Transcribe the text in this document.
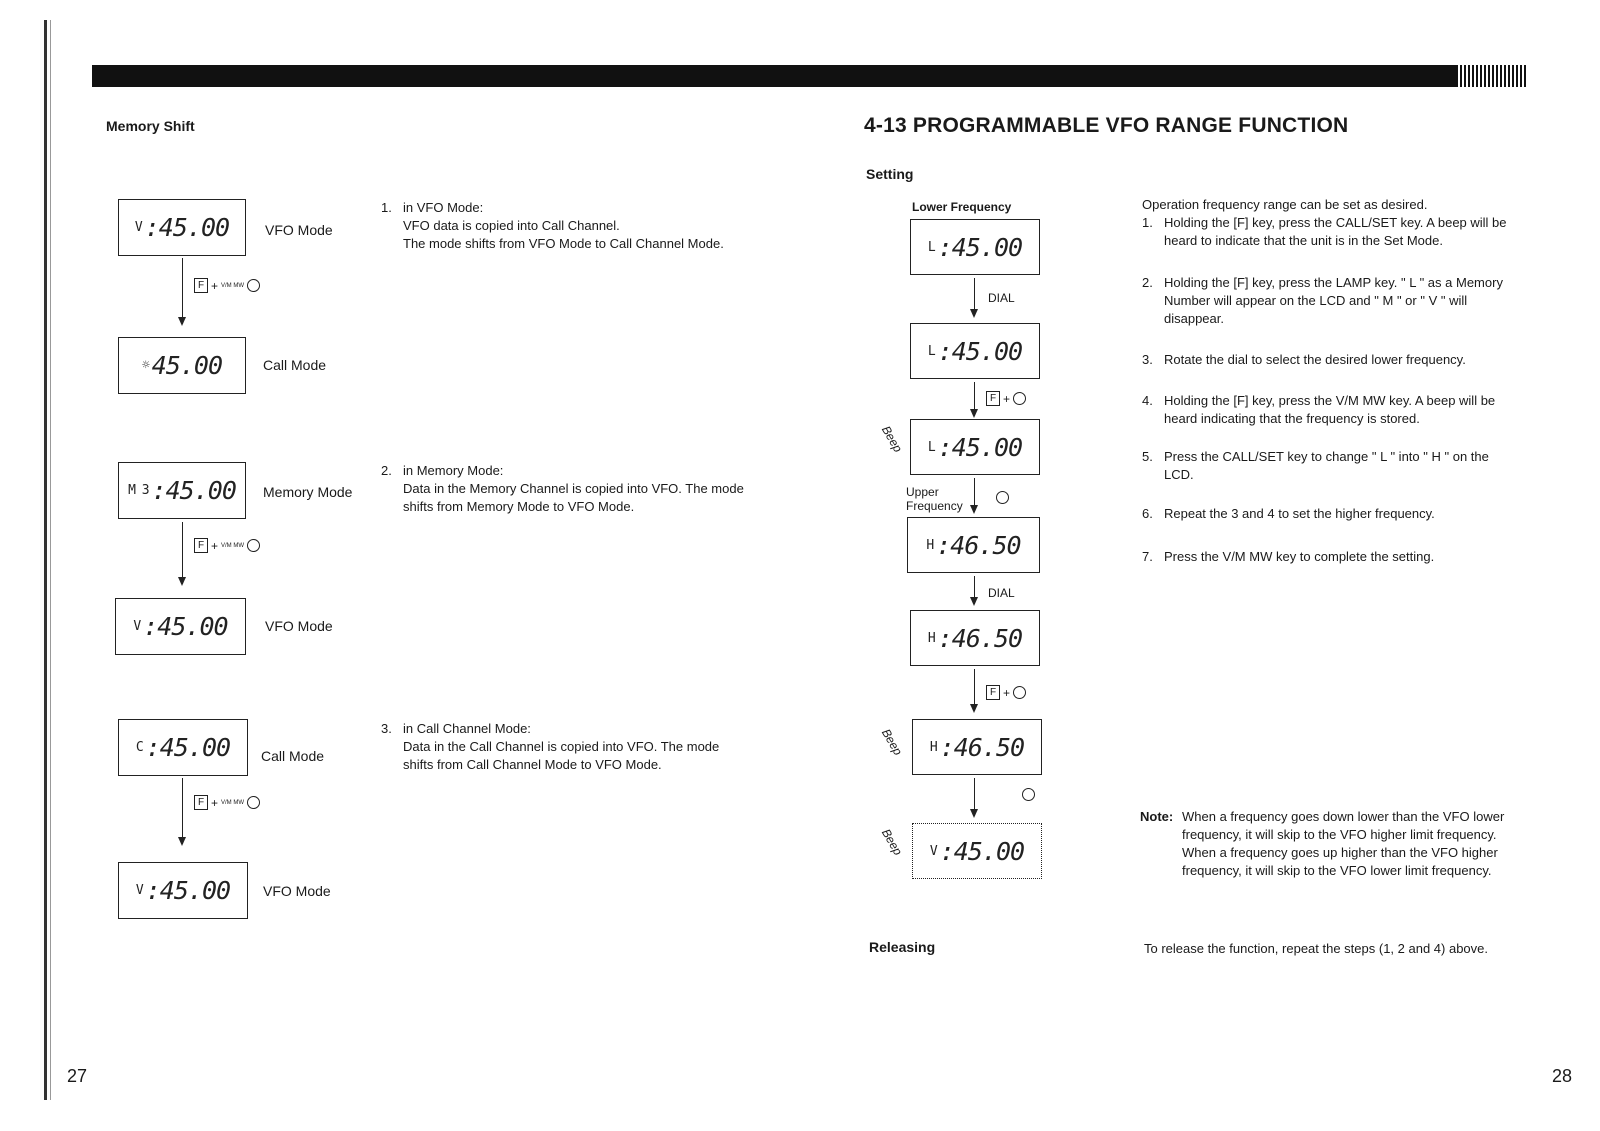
Memory Shift
V :45.00	VFO Mode
F + V/M MW
☼ 45.00	Call Mode
M 3 :45.00 Memory Mode
F + V/M MW
V :45.00	VFO Mode
C :45.00 Call Mode
F + V/M MW
V :45.00 VFO Mode
1. in VFO Mode:
VFO data is copied into Call Channel.
The mode shifts from VFO Mode to Call Channel Mode.
2. in Memory Mode:
Data in the Memory Channel is copied into VFO. The mode
shifts from Memory Mode to VFO Mode.
3. in Call Channel Mode:
Data in the Call Channel is copied into VFO. The mode
shifts from Call Channel Mode to VFO Mode.
27
4-13 PROGRAMMABLE VFO RANGE FUNCTION
Setting
Lower Frequency
L :45.00
DIAL
L :45.00
F +
Beep L :45.00
Upper Frequency
H :46.50
DIAL
H :46.50
F +
Beep H :46.50
Beep V :45.00
Operation frequency range can be set as desired.
1. Holding the [F] key, press the CALL/SET key. A beep will be heard to indicate that the unit is in the Set Mode.
2. Holding the [F] key, press the LAMP key. " L " as a Memory Number will appear on the LCD and " M " or " V " will disappear.
3. Rotate the dial to select the desired lower frequency.
4. Holding the [F] key, press the V/M MW key. A beep will be heard indicating that the frequency is stored.
5. Press the CALL/SET key to change " L " into " H " on the LCD.
6. Repeat the 3 and 4 to set the higher frequency.
7. Press the V/M MW key to complete the setting.
Note: When a frequency goes down lower than the VFO lower
frequency, it will skip to the VFO higher limit frequency.
When a frequency goes up higher than the VFO higher
frequency, it will skip to the VFO lower limit frequency.
Releasing	To release the function, repeat the steps (1, 2 and 4) above.
28
